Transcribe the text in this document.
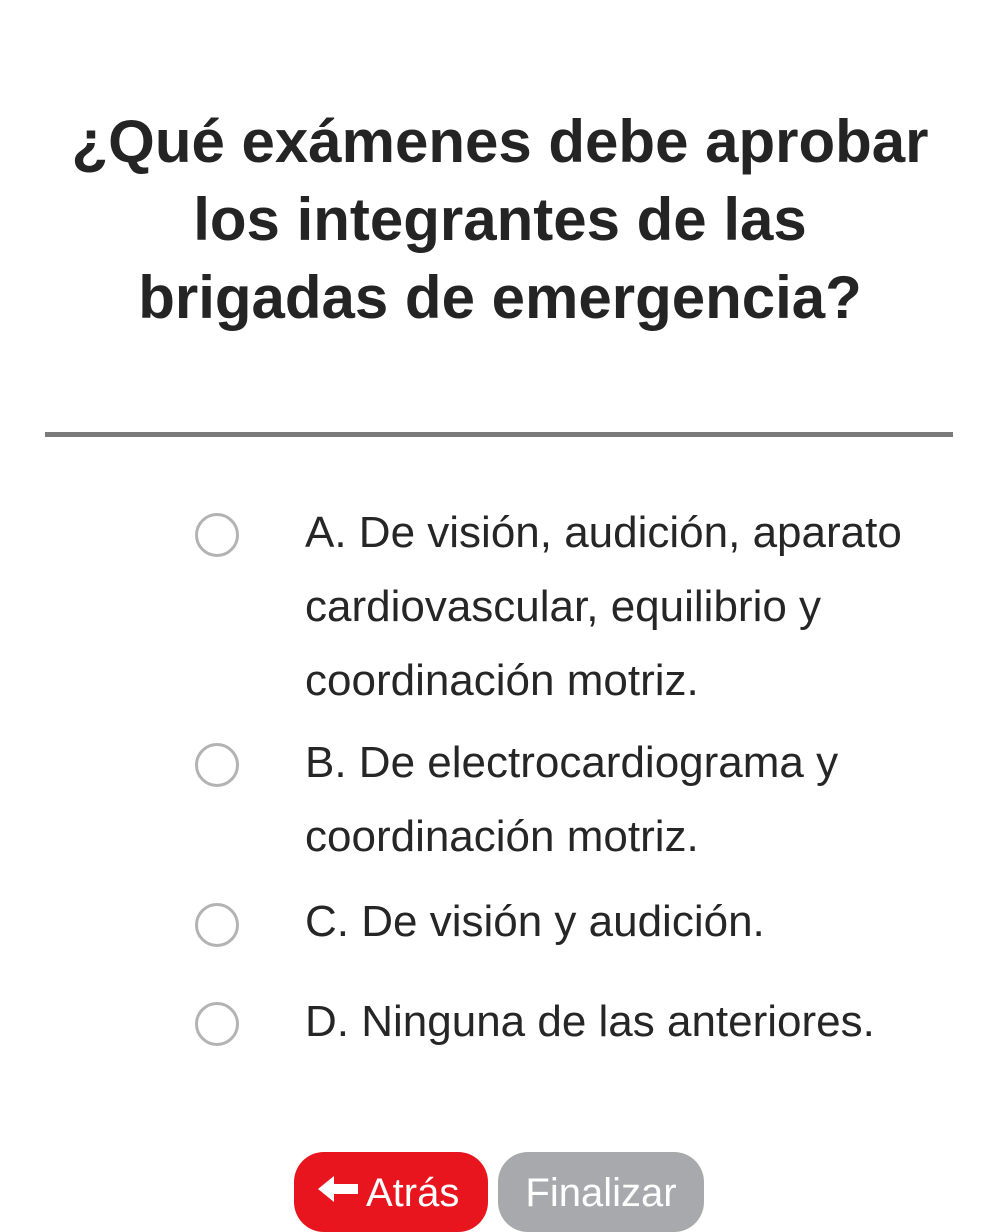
¿Qué exámenes debe aprobar los integrantes de las brigadas de emergencia?
A. De visión, audición, aparato cardiovascular, equilibrio y coordinación motriz.
B. De electrocardiograma y coordinación motriz.
C. De visión y audición.
D. Ninguna de las anteriores.
Atrás	Finalizar
